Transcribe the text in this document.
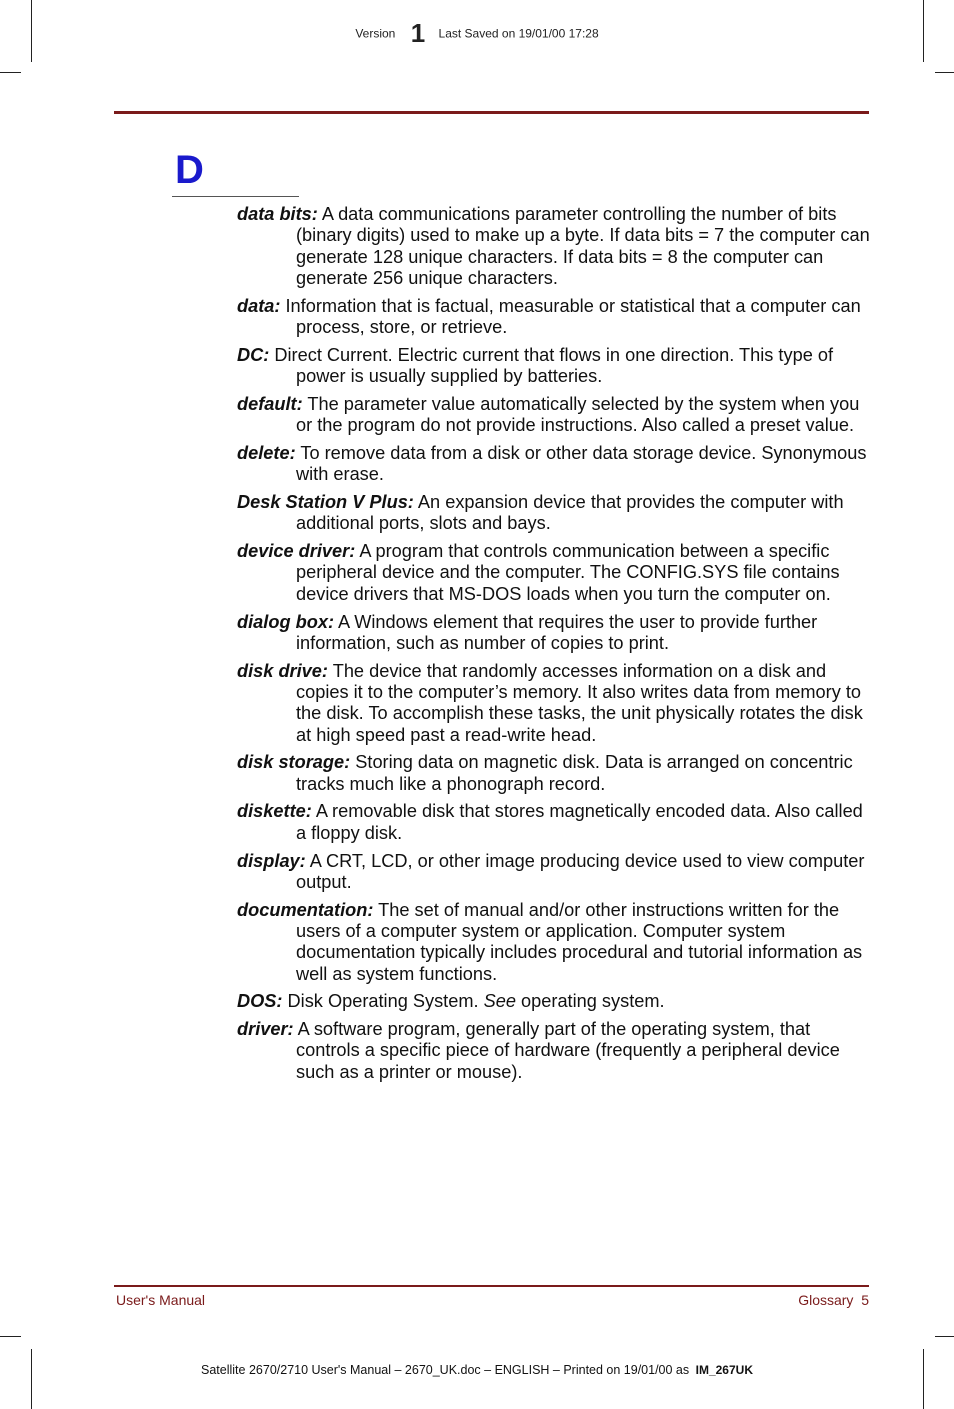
Version 1 Last Saved on 19/01/00 17:28
D

data bits: A data communications parameter controlling the number of bits (binary digits) used to make up a byte. If data bits = 7 the computer can generate 128 unique characters. If data bits = 8 the computer can generate 256 unique characters.

data: Information that is factual, measurable or statistical that a computer can process, store, or retrieve.

DC: Direct Current. Electric current that flows in one direction. This type of power is usually supplied by batteries.

default: The parameter value automatically selected by the system when you or the program do not provide instructions. Also called a preset value.

delete: To remove data from a disk or other data storage device. Synonymous with erase.

Desk Station V Plus: An expansion device that provides the computer with additional ports, slots and bays.

device driver: A program that controls communication between a specific peripheral device and the computer. The CONFIG.SYS file contains device drivers that MS-DOS loads when you turn the computer on.

dialog box: A Windows element that requires the user to provide further information, such as number of copies to print.

disk drive: The device that randomly accesses information on a disk and copies it to the computer’s memory. It also writes data from memory to the disk. To accomplish these tasks, the unit physically rotates the disk at high speed past a read-write head.

disk storage: Storing data on magnetic disk. Data is arranged on concentric tracks much like a phonograph record.

diskette: A removable disk that stores magnetically encoded data. Also called a floppy disk.

display: A CRT, LCD, or other image producing device used to view computer output.

documentation: The set of manual and/or other instructions written for the users of a computer system or application. Computer system documentation typically includes procedural and tutorial information as well as system functions.

DOS: Disk Operating System. See operating system.

driver: A software program, generally part of the operating system, that controls a specific piece of hardware (frequently a peripheral device such as a printer or mouse).

User's Manual	Glossary  5
Satellite 2670/2710 User's Manual – 2670_UK.doc – ENGLISH – Printed on 19/01/00 as IM_267UK
